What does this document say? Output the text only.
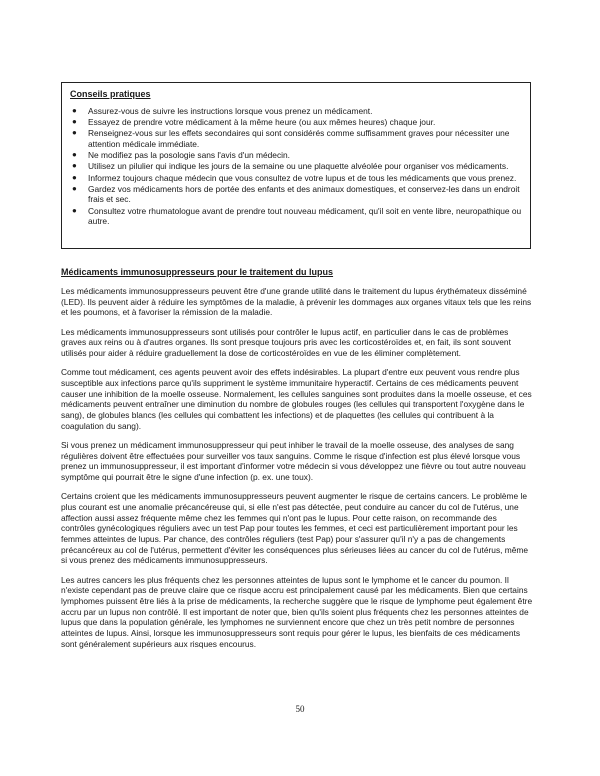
Conseils pratiques
● Assurez-vous de suivre les instructions lorsque vous prenez un médicament.
● Essayez de prendre votre médicament à la même heure (ou aux mêmes heures) chaque jour.
● Renseignez-vous sur les effets secondaires qui sont considérés comme suffisamment graves pour nécessiter une attention médicale immédiate.
● Ne modifiez pas la posologie sans l'avis d'un médecin.
● Utilisez un pilulier qui indique les jours de la semaine ou une plaquette alvéolée pour organiser vos médicaments.
● Informez toujours chaque médecin que vous consultez de votre lupus et de tous les médicaments que vous prenez.
● Gardez vos médicaments hors de portée des enfants et des animaux domestiques, et conservez-les dans un endroit frais et sec.
● Consultez votre rhumatologue avant de prendre tout nouveau médicament, qu'il soit en vente libre, neuropathique ou autre.
Médicaments immunosuppresseurs pour le traitement du lupus

Les médicaments immunosuppresseurs peuvent être d'une grande utilité dans le traitement du lupus érythémateux disséminé (LED). Ils peuvent aider à réduire les symptômes de la maladie, à prévenir les dommages aux organes vitaux tels que les reins et les poumons, et à favoriser la rémission de la maladie.

Les médicaments immunosuppresseurs sont utilisés pour contrôler le lupus actif, en particulier dans le cas de problèmes graves aux reins ou à d'autres organes. Ils sont presque toujours pris avec les corticostéroïdes et, en fait, ils sont souvent utilisés pour aider à réduire graduellement la dose de corticostéroïdes en vue de les éliminer complètement.

Comme tout médicament, ces agents peuvent avoir des effets indésirables. La plupart d'entre eux peuvent vous rendre plus susceptible aux infections parce qu'ils suppriment le système immunitaire hyperactif. Certains de ces médicaments peuvent causer une inhibition de la moelle osseuse. Normalement, les cellules sanguines sont produites dans la moelle osseuse, et ces médicaments peuvent entraîner une diminution du nombre de globules rouges (les cellules qui transportent l'oxygène dans le sang), de globules blancs (les cellules qui combattent les infections) et de plaquettes (les cellules qui contribuent à la coagulation du sang).

Si vous prenez un médicament immunosuppresseur qui peut inhiber le travail de la moelle osseuse, des analyses de sang régulières doivent être effectuées pour surveiller vos taux sanguins. Comme le risque d'infection est plus élevé lorsque vous prenez un immunosuppresseur, il est important d'informer votre médecin si vous développez une fièvre ou tout autre nouveau symptôme qui pourrait être le signe d'une infection (p. ex. une toux).

Certains croient que les médicaments immunosuppresseurs peuvent augmenter le risque de certains cancers. Le problème le plus courant est une anomalie précancéreuse qui, si elle n'est pas détectée, peut conduire au cancer du col de l'utérus, une affection aussi assez fréquente même chez les femmes qui n'ont pas le lupus. Pour cette raison, on recommande des contrôles gynécologiques réguliers avec un test Pap pour toutes les femmes, et ceci est particulièrement important pour les femmes atteintes de lupus. Par chance, des contrôles réguliers (test Pap) pour s'assurer qu'il n'y a pas de changements précancéreux au col de l'utérus, permettent d'éviter les conséquences plus sérieuses liées au cancer du col de l'utérus, même si vous prenez des médicaments immunosuppresseurs.

Les autres cancers les plus fréquents chez les personnes atteintes de lupus sont le lymphome et le cancer du poumon. Il n'existe cependant pas de preuve claire que ce risque accru est principalement causé par les médicaments. Bien que certains lymphomes puissent être liés à la prise de médicaments, la recherche suggère que le risque de lymphome peut également être accru par un lupus non contrôlé. Il est important de noter que, bien qu'ils soient plus fréquents chez les personnes atteintes de lupus que dans la population générale, les lymphomes ne surviennent encore que chez un très petit nombre de personnes atteintes de lupus. Ainsi, lorsque les immunosuppresseurs sont requis pour gérer le lupus, les bienfaits de ces médicaments sont généralement supérieurs aux risques encourus.

50
